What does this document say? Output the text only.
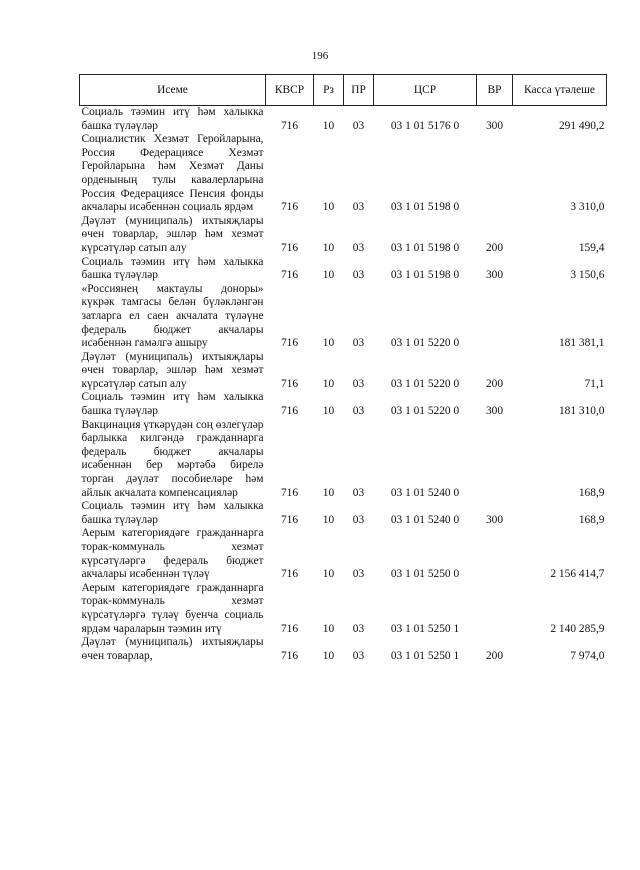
196
Исеме	КВСР	Рз	ПР	ЦСР	ВР	Касса үтәлеше
Социаль тәэмин итү һәм халыкка башка түләүләр	716	10	03	03 1 01 5176 0	300	291 490,2
Социалистик Хезмәт Геройларына, Россия Федерациясе Хезмәт Геройларына һәм Хезмәт Даны орденының тулы кавалерларына Россия Федерациясе Пенсия фонды акчалары исәбеннән социаль ярдәм	716	10	03	03 1 01 5198 0		3 310,0
Дәүләт (муниципаль) ихтыяҗлары өчен товарлар, эшләр һәм хезмәт күрсәтүләр сатып алу	716	10	03	03 1 01 5198 0	200	159,4
Социаль тәэмин итү һәм халыкка башка түләүләр	716	10	03	03 1 01 5198 0	300	3 150,6
«Россиянең мактаулы доноры» күкрәк тамгасы белән бүләкләнгән затларга ел саен акчалата түләүне федераль бюджет акчалары исәбеннән гамәлгә ашыру	716	10	03	03 1 01 5220 0		181 381,1
Дәүләт (муниципаль) ихтыяҗлары өчен товарлар, эшләр һәм хезмәт күрсәтүләр сатып алу	716	10	03	03 1 01 5220 0	200	71,1
Социаль тәэмин итү һәм халыкка башка түләүләр	716	10	03	03 1 01 5220 0	300	181 310,0
Вакцинация үткәрүдән соң өзлегүләр барлыкка килгәндә гражданнарга федераль бюджет акчалары исәбеннән бер мәртәбә бирелә торган дәүләт пособиеләре һәм айлык акчалата компенсацияләр	716	10	03	03 1 01 5240 0		168,9
Социаль тәэмин итү һәм халыкка башка түләүләр	716	10	03	03 1 01 5240 0	300	168,9
Аерым категориядәге гражданнарга торак-коммуналь хезмәт күрсәтүләргә федераль бюджет акчалары исәбеннән түләү	716	10	03	03 1 01 5250 0		2 156 414,7
Аерым категориядәге гражданнарга торак-коммуналь хезмәт күрсәтүләргә түләү буенча социаль ярдәм чараларын тәэмин итү	716	10	03	03 1 01 5250 1		2 140 285,9
Дәүләт (муниципаль) ихтыяҗлары өчен товарлар,	716	10	03	03 1 01 5250 1	200	7 974,0
